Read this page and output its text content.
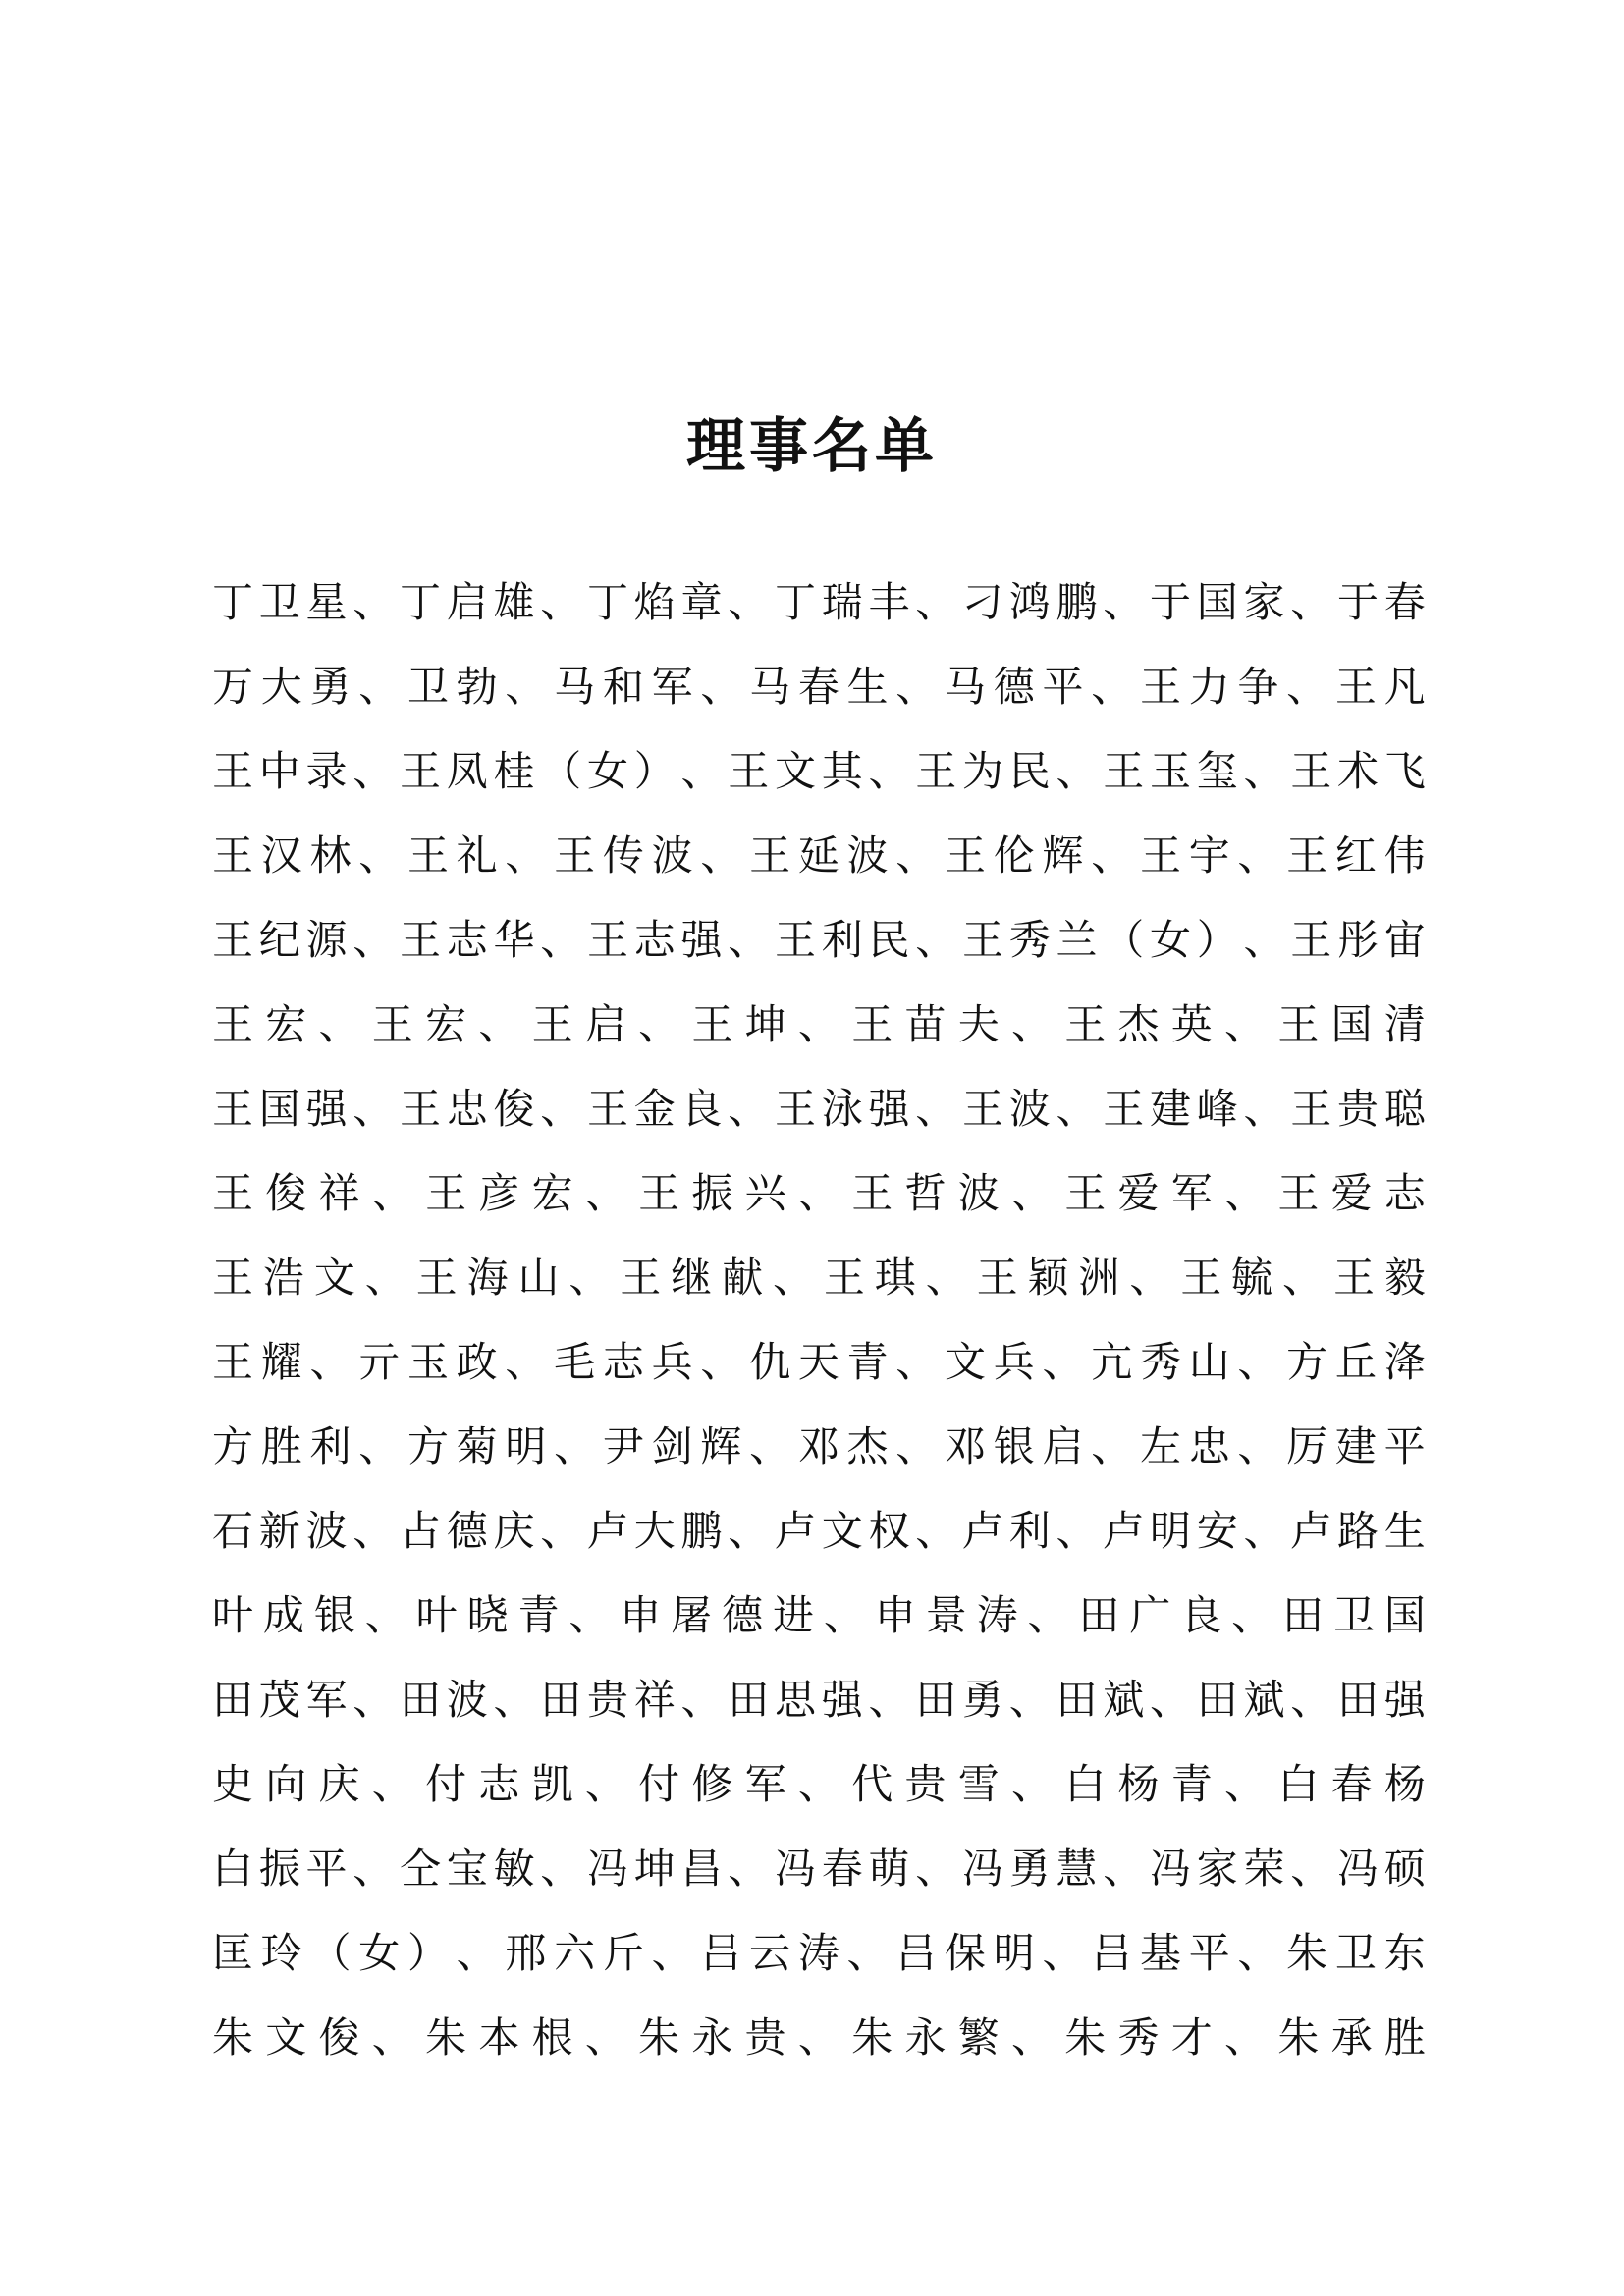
理事名单
丁 卫 星 、 丁 启 雄 、 丁 焰 章 、 丁 瑞 丰 、 刁 鸿 鹏 、 于 国 家 、 于 春
万 大 勇 、 卫 勃 、 马 和 军 、 马 春 生 、 马 德 平 、 王 力 争 、 王 凡
王 中 录 、 王 凤 桂 （ 女 ） 、 王 文 其 、 王 为 民 、 王 玉 玺 、 王 术 飞
王 汉 林 、 王 礼 、 王 传 波 、 王 延 波 、 王 伦 辉 、 王 宇 、 王 红 伟
王 纪 源 、 王 志 华 、 王 志 强 、 王 利 民 、 王 秀 兰 （ 女 ） 、 王 彤 宙
王 宏 、 王 宏 、 王 启 、 王 坤 、 王 苗 夫 、 王 杰 英 、 王 国 清
王 国 强 、 王 忠 俊 、 王 金 良 、 王 泳 强 、 王 波 、 王 建 峰 、 王 贵 聪
王 俊 祥 、 王 彦 宏 、 王 振 兴 、 王 哲 波 、 王 爱 军 、 王 爱 志
王 浩 文 、 王 海 山 、 王 继 献 、 王 琪 、 王 颖 洲 、 王 毓 、 王 毅
王 耀 、 亓 玉 政 、 毛 志 兵 、 仇 天 青 、 文 兵 、 亢 秀 山 、 方 丘 洚
方 胜 利 、 方 菊 明 、 尹 剑 辉 、 邓 杰 、 邓 银 启 、 左 忠 、 厉 建 平
石 新 波 、 占 德 庆 、 卢 大 鹏 、 卢 文 权 、 卢 利 、 卢 明 安 、 卢 路 生
叶 成 银 、 叶 晓 青 、 申 屠 德 进 、 申 景 涛 、 田 广 良 、 田 卫 国
田 茂 军 、 田 波 、 田 贵 祥 、 田 思 强 、 田 勇 、 田 斌 、 田 斌 、 田 强
史 向 庆 、 付 志 凯 、 付 修 军 、 代 贵 雪 、 白 杨 青 、 白 春 杨
白 振 平 、 仝 宝 敏 、 冯 坤 昌 、 冯 春 萌 、 冯 勇 慧 、 冯 家 荣 、 冯 硕
匡 玲 （ 女 ） 、 邢 六 斤 、 吕 云 涛 、 吕 保 明 、 吕 基 平 、 朱 卫 东
朱 文 俊 、 朱 本 根 、 朱 永 贵 、 朱 永 繁 、 朱 秀 才 、 朱 承 胜
